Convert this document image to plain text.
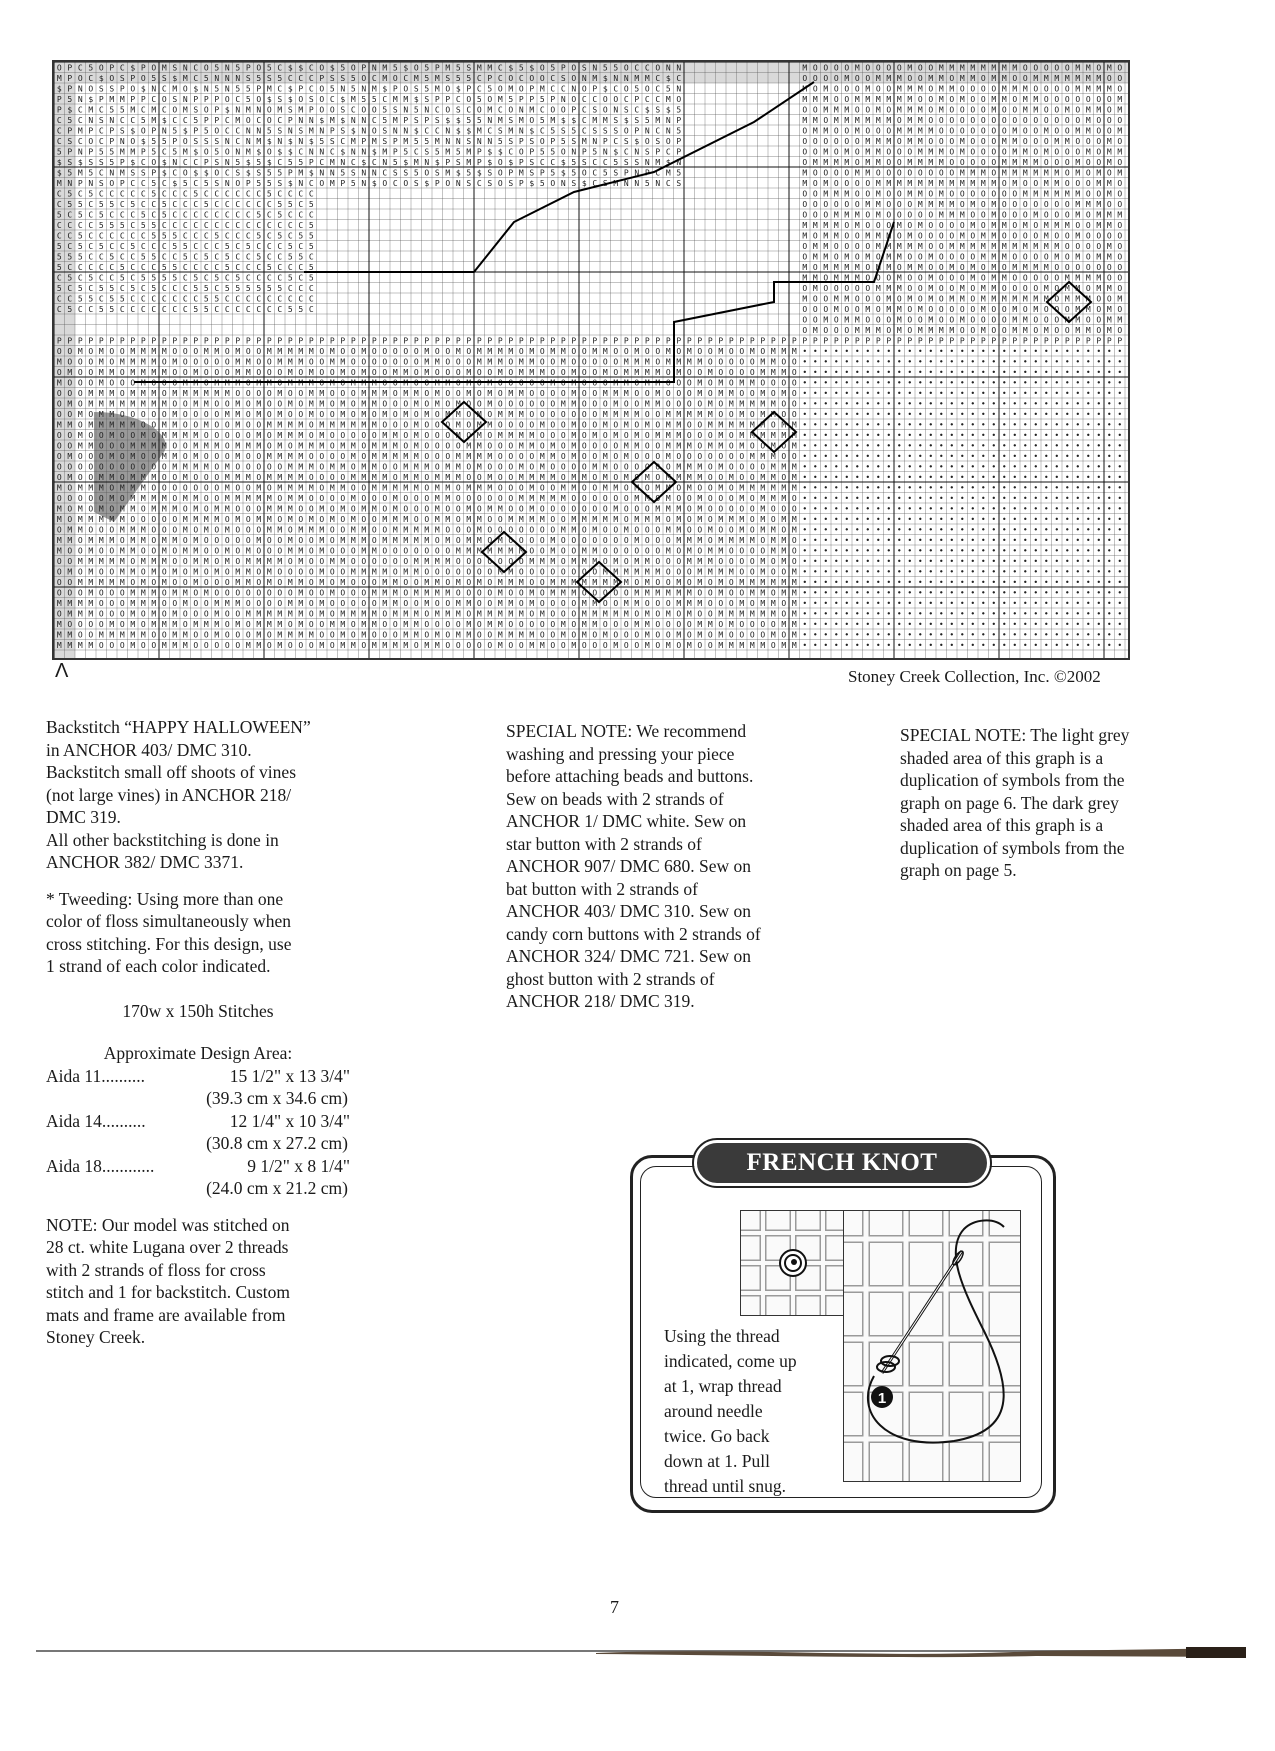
O P C 5 O P C $ P O M S N C O 5 N 5 P O 5 C $ $ C O $ 5 O P N M 5 $ O 5 P M 5 S M M C $ 5 $ O 5 P O S N 5 5 O C C O N N	M O O O O M O O O O M O O M M M M M M M M O O O O O M M O M O
M P O C $ O S P O 5 S $ M C 5 N N N S 5 S 5 C C C P S S 5 O C M O C M 5 M S 5 5 C P C O C O O C S O N M $ N N M M C $ C	O O O O M O O M M M O O M M O M M O M M O O M M M M M M M O O
$ P N O S S P O $ N C M O $ N 5 N 5 5 P M C $ P C O 5 N 5 N M $ P O S 5 M O $ P C 5 O M O P M C C N O P $ C O 5 O C 5 N	M O M O O O M O O M M M O M M O O O O M M M O O O O M M M M O
P 5 N $ P M M P P C O S N P P P O C 5 O $ S $ O S O C $ M 5 5 C M M $ S P P C O 5 O M 5 P P 5 P N O C C O O C P C C M O	M M M O O M M M M M M O O M O M O O M M O M M O O O O O O O M
P $ C M C 5 5 M C M C O M S O P $ N M N O M S M P O O S C O O 5 S N 5 N C O S C O M C O N M C O O P C S O N S C $ S $ 5	O O M M M O O M O M M M O M O O O O M O O M M O O M O M M O M
C 5 C N S N C C 5 M $ C C 5 P P C M O C O C P N N $ M $ N N C 5 M P S P S $ $ 5 5 N M S M O 5 M $ $ C M M S $ S 5 M N P	M M O M M M M M M O M M O O O O O O O O O O O O O O O M O O O
C P M P C P S $ O P N 5 $ P 5 O C C N N 5 S N S M N P S $ N O S N N $ C C N $ $ M C S M N $ C 5 S 5 C S S S O P N C N 5	O M M O O M O O O M M M M O O O O O O O M O O M O O M M O O M
C S C O C P N O $ 5 5 P O S S S N C N M $ N $ N $ 5 S C M P M S P M 5 5 M N N S N N 5 S P S O P 5 S M N P C S $ O S O P	O O O O O O M M M O M M O O O M O O O M M O O O M M O O O M O
5 P N P 5 5 M M P 5 C 5 M $ O 5 O N M $ O $ $ C N N C $ N N $ M P 5 C S 5 M 5 M P $ $ C O P 5 5 O N P 5 N $ C N S P C P	O O M O M O M M O O O M M M O M O O O O M M O M O O O M O M M
$ S $ S S 5 P $ C O $ N C C P S N 5 $ 5 $ C 5 5 P C M N C $ C N 5 $ M N $ P S M P $ O $ P S C C $ 5 S C C 5 S S N M $ N	O M M M M O M M O O M M M M O O O O O M M M M O O O M O O M O
$ 5 M 5 C N M S S P $ C O $ $ O C S $ S 5 5 P M $ N N 5 S N N C S S 5 O S M $ 5 $ S O P M S P 5 $ 5 O C 5 S P N P C M 5	M O O O O M M O O O O O O O O M M M O M M M M M M O M O M O M
M N P N S O P C C 5 C $ 5 C 5 S N O P 5 5 S $ N C O M P 5 N $ O C O S $ P O N S C S O S P $ 5 O N S $ C S M N N 5 N C S	M O M O O O O M M M M M M M M M M M M O M O O M M O O O M M O
C 5 C 5 C C C C C 5 C C C 5 C C C C C C 5 C C C C	O O M M M O O M O O M M O M O O O O O O O M M M M M M O O M O
C 5 5 C 5 5 C 5 C C 5 C C C 5 C C C C C C 5 5 C 5	O O O O O O M M O O O M M M M O M O M O O O O O O O M M M O O
5 C 5 C 5 C C C 5 C 5 C C C C C C C C 5 C 5 C C C	O O O M M M O M O O O O O M M M O O M O O O M O O O M O M M M
C C C C 5 5 5 C 5 5 C C C C C C C C C C C C C C 5	M M M M O M O O O M O M O O O O M O M M O M O M M M O O M M O
C C 5 C C C C C C 5 5 5 C C C 5 C C C 5 C 5 C 5 5	M O M M O O M M M O M O O O O M O M M O O O O M O O M O O O O
5 C 5 C 5 C C 5 C C C 5 5 C C C 5 C 5 C C C 5 C 5	O M M O O O O M M M M M O O M M M M M M M M M M M O O O O M O
5 5 5 C C 5 C C 5 5 C C 5 C 5 C 5 C C 5 C C 5 5 C	O M M O M O M O M M O O M O O O O M M M O O O O M O M O M M O
5 C C C C C 5 C C C 5 5 C C C C 5 C C C 5 C C C 5	M O M M M M O M M O M M O O M O M O M O M M M M O O O O O O O
C 5 C 5 C C 5 C 5 5 5 5 C 5 C 5 C 5 C C C C 5 C 5	M M O M M M O O O M O O M O O O M O M M O O O O O M M M M O O
5 C 5 C 5 5 C 5 C 5 C C C 5 5 C 5 5 5 5 5 5 C C C	O M O O O O O M M M O O M O O M O M M O O O O M O M M O M M O
C C 5 5 C 5 5 C C C C C C C 5 5 C C C C C C C C C	M O O M M O O O M O M O M O M M O M M M M M M M O M M M O O M
C 5 C C 5 5 C C C C C C C 5 5 C C C C C C C 5 5 C	O O O M O O M O M M O M O O O O O M O O M O M O O O M M O M O
O O M O M M O O O M O O M O O M O O O O M M O O O M M O O M M
O M O O O M M M O M O M M M M O O M O O M M O M O O M M O M O
P P P P P P P P P P P P P P P P P P P P P P P P P P P P P P P P P P P P P P P P P P P P P P P P P P P P P P P P P P P P P P P P P P P P P P P P P P P P P P P P P P P P P P P P P P P P P P P P P P P P P P
O O M O M O O M M M M O O O M M O M O O M M M M M O M O O M O O O O O M O O M O M M M M O M O M M O O M M O O M O O M O M O O M O O M O M M M • • • • • • • • • • • • • • • • • • • • • • • • • • • • • • •
M O O O M O M M M M O M O O O O O M M O O M M M O O M M O O O O O O O M M O O O M M M O M M O O M O O O O O M M M O M M M M O O O O O M M O O • • • • • • • • • • • • • • • • • • • • • • • • • • • • • • •
O M O O M M O M M M M O O M O O O M M O O O M O M O O M O M O O M M O M O O O M O O M O M M M O O M O O M O M M M M O M O O M O O O O M M M O • • • • • • • • • • • • • • • • • • • • • • • • • • • • • • •
M O O O M O O O M O O O M M O M M M O M M O M M M O M O M M M O O M O O M M O M O M O O O O O M O M O O O M M O M M O O O M O M O M M O O O O • • • • • • • • • • • • • • • • • • • • • • • • • • • • • • •
O O O M M M O M M M O M M M M M M O O O O M O O M M O O O M M M O M M O M O O M O M O M M O O O O M O O M M M O O M O O O M O M M O O M O M O • • • • • • • • • • • • • • • • • • • • • • • • • • • • • • •
O M O M M M M M M M M O O M M O O M O M O O M O M M O M O M M O O O M O M O M O O M O O O O O O M M O O O M O O M M O O O O M O M M M M M O O • • • • • • • • • • • • • • • • • • • • • • • • • • • • • • •
O O M O M M O O O O O M O O O O M M O M O M O O M O O M O M O M O M O M O M M O M O M M M O O O O O O O M M M M O O M M M M M O O M O M M O O • • • • • • • • • • • • • • • • • • • • • • • • • • • • • • •
M M O M M M M M O O M M O O M O O M O O M M M M O M M M M M M O O O M O O O M O M M O O O O M O O M O O M O M O M O M M O O M M M M M M O M M • • • • • • • • • • • • • • • • • • • • • • • • • • • • • • •
O O M O O M O O M O M M M M O O O O O M O M M M O M O O O O O M M O M O O O M O M O M M M M O O O M O M O M O M O M M M O O O M O M M M M M M • • • • • • • • • • • • • • • • • • • • • • • • • • • • • • •
O O M M O O O M M M M O O M M M O M M M O M O M M M O M M O M M M O M O O O O M M O O O M M O M O M O O O O M M O O M M M O M M O M O O M O M • • • • • • • • • • • • • • • • • • • • • • • • • • • • • • •
O M O O O M O M O O M M O M O O O M O O M M M M O O O O M O M M M M M O O O M M M M O O O O M M O M O O M O M O O O M O O O O O O O M M M O O • • • • • • • • • • • • • • • • • • • • • • • • • • • • • • •
O O O O O O O O O O O M M M M O M O O O O O M M M O M M O M M O O M M M O M M O M O O O M O M O O O O M M O O O O O O M M M O M O O O O M M M • • • • • • • • • • • • • • • • • • • • • • • • • • • • • • •
O M O O M M O M M M O O M O O O M M M O M M M M O O O O M M M M O M M O M M M O O M O O M M M M O M M O M O M O M O M M M M O O M O O M M O M • • • • • • • • • • • • • • • • • • • • • • • • • • • • • • •
M O M M M O M M M O O O O O O O M O O M O M M M M O M M O O M M M M M O M M O M M M O O O M O O M M O O M M O M O M M O M O O M O M M M M M M • • • • • • • • • • • • • • • • • • • • • • • • • • • • • • •
O O O O O M O M M M M O M M O O M M M M M O M M O O O O M O O O M O O O M M O O O O O O M M M M M O O O O O O M M O M O O M O O O M O M M M O • • • • • • • • • • • • • • • • • • • • • • • • • • • • • • •
M O M O M O M M O M M M O M O M M O O O M M M O O M O M O M M O M O O O M O O M O M M O O M O O O O O O O M O O O M M M O M O O O O O M O O O • • • • • • • • • • • • • • • • • • • • • • • • • • • • • • •
M O M M M M M O O O O O M M M M O M O M M O M O M O M O M O O M M M O O M M O M M O O M M M M O O M M M M M O M M M O M O M O M M M O M O M M • • • • • • • • • • • • • • • • • • • • • • • • • • • • • • •
O M M O O O M M M O O O M O M O M O O O M M O M M M O O M M O O M M M M M O O O M O O O O O O O M M O M O O M O O O M M O O M O O M O M M O M • • • • • • • • • • • • • • • • • • • • • • • • • • • • • • •
M M O M M M O M M O M M O M O O O O O M O O M O O M O M M M O M M M M M O M O M M O M O O O O M O O O O O O O M O O O M M M O M M M M O M M O • • • • • • • • • • • • • • • • • • • • • • • • • • • • • • •
M O O M O O M M O O M O M M O O M O M O O O M M O M O O O M M O O O O O O O M M M M M M M O O M O O M M O O O O O O M O M O M M O O O O M M O • • • • • • • • • • • • • • • • • • • • • • • • • • • • • • •
O O M M M M M O M M M O O M M O M O M M M M O M O O M M O O O O O O M M M M O O O O O O O M M M O M M M O M O M M O O O M M M O O O O M O M O • • • • • • • • • • • • • • • • • • • • • • • • • • • • • • •
O M O M O O M M O M O M O M O M O M M O M O O O O M O O M M M M O M M O O O O O O O M M O O O O O O O O M M M M M M O O O M M M M O O M O O M • • • • • • • • • • • • • • • • • • • • • • • • • • • • • • •
O O M M M M M O M O M O O M O O O M M O M O M M O M O M O O O M M O O M M O M O M O M M M O O M M M M M M M M O M O O M O M O M O M M M M M M • • • • • • • • • • • • • • • • • • • • • • • • • • • • • • •
O O O M O O O M M M O M M O M O O O O O O O O M O O M O O O M M M O M M M M O O O O M O O M O M M M O O O O O M M M M M M O O M O O M M O M M • • • • • • • • • • • • • • • • • • • • • • • • • • • • • • •
M M M M O O O M M M O O M O O M M M O O O O M M O M O O O O O M M O O M O O M M O O M M O M O O O O M M O O M M O O O M M M O O O M O M M O M • • • • • • • • • • • • • • • • • • • • • • • • • • • • • • •
O M M M O O O M O M O M O O O M O O M M M M M M O M O M M M M O M M M O M M M O M M M M M O M O O O M M M M M O M O M O M O O M M M M M M O M • • • • • • • • • • • • • • • • • • • • • • • • • • • • • • •
M O O O O M O M O M M M O M M M O M O M M M O M O O M M O M M O O M M O O O O M O M M O O O O O M O M M O O O M M O O O O M M O M O O O O M M • • • • • • • • • • • • • • • • • • • • • • • • • • • • • • •
M M O O M M M M M O O M M O O M O O O M O M M M M O O M O M O O O M M O M O M M O O M M M M O O M O M O M O O O M O O M O M O M O O O O M O M • • • • • • • • • • • • • • • • • • • • • • • • • • • • • • •
M M M M O O O M O O M M M O O O O O M M O M O O O M O M M O M M M M O M M O O O O O M O O M M O O M O O O M O O M O M O M O O M M M M M O M M • • • • • • • • • • • • • • • • • • • • • • • • • • • • • • •
Λ	Stoney Creek Collection, Inc. ©2002

Backstitch “HAPPY HALLOWEEN”

in ANCHOR 403/ DMC 310.

Backstitch small off shoots of vines

(not large vines) in ANCHOR 218/

DMC 319.

All other backstitching is done in

ANCHOR 382/ DMC 3371.

* Tweeding: Using more than one

color of floss simultaneously when

cross stitching. For this design, use

1 strand of each color indicated.

170w x 150h Stitches

Approximate Design Area:

Aida 11..........	15 1/2" x 13 3/4"
(39.3 cm x 34.6 cm)
Aida 14..........	12 1/4" x 10 3/4"
(30.8 cm x 27.2 cm)
Aida 18............	9 1/2" x 8 1/4"
(24.0 cm x 21.2 cm)

NOTE: Our model was stitched on

28 ct. white Lugana over 2 threads

with 2 strands of floss for cross

stitch and 1 for backstitch. Custom

mats and frame are available from

Stoney Creek.

SPECIAL NOTE: We recommend

washing and pressing your piece

before attaching beads and buttons.

Sew on beads with 2 strands of

ANCHOR 1/ DMC white. Sew on

star button with 2 strands of

ANCHOR 907/ DMC 680. Sew on

bat button with 2 strands of

ANCHOR 403/ DMC 310. Sew on

candy corn buttons with 2 strands of

ANCHOR 324/ DMC 721. Sew on

ghost button with 2 strands of

ANCHOR 218/ DMC 319.

SPECIAL NOTE: The light grey

shaded area of this graph is a

duplication of symbols from the

graph on page 6. The dark grey

shaded area of this graph is a

duplication of symbols from the

graph on page 5.

FRENCH KNOT
1
Using the thread
indicated, come up
at 1, wrap thread
around needle
twice. Go back
down at 1. Pull
thread until snug.
7
